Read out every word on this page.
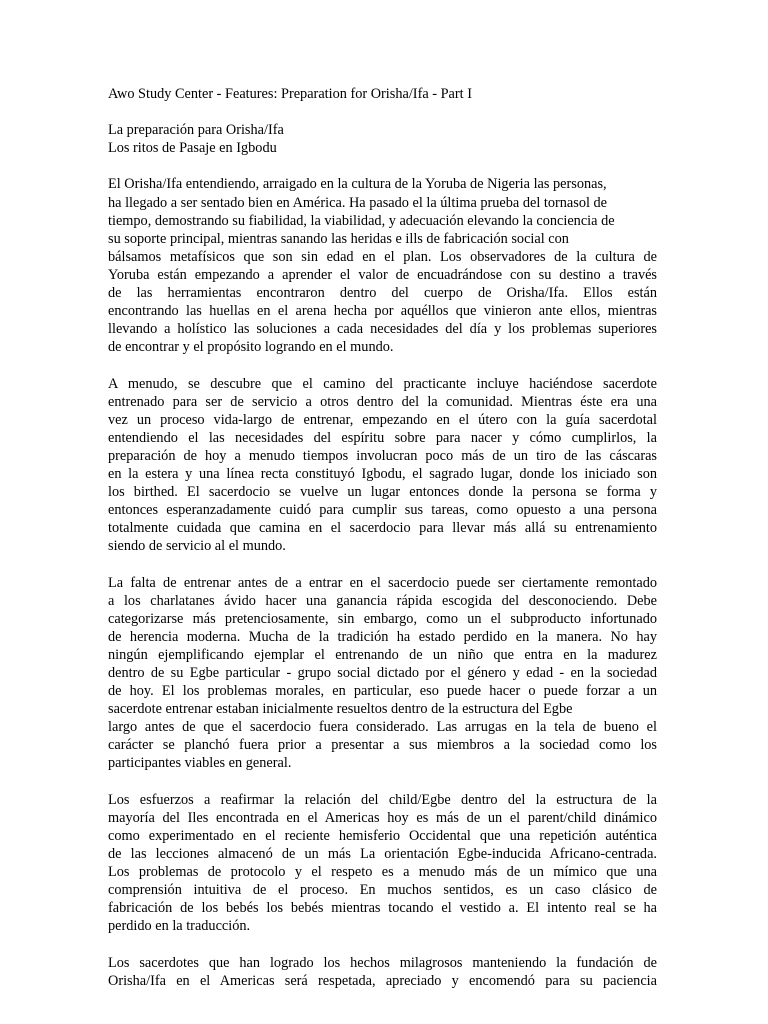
Awo Study Center - Features: Preparation for Orisha/Ifa - Part I

La preparación para Orisha/Ifa
Los ritos de Pasaje en Igbodu
El Orisha/Ifa entendiendo, arraigado en la cultura de la Yoruba de Nigeria las personas,
ha llegado a ser sentado bien en América. Ha pasado el la última prueba del tornasol de
tiempo, demostrando su fiabilidad, la viabilidad, y adecuación elevando la conciencia de
su soporte principal, mientras sanando las heridas e ills de fabricación social con
bálsamos metafísicos que son sin edad en el plan. Los observadores de la cultura de
Yoruba están empezando a aprender el valor de encuadrándose con su destino a través
de las herramientas encontraron dentro del cuerpo de Orisha/Ifa. Ellos están
encontrando las huellas en el arena hecha por aquéllos que vinieron ante ellos, mientras
llevando a holístico las soluciones a cada necesidades del día y los problemas superiores
de encontrar y el propósito logrando en el mundo.
A menudo, se descubre que el camino del practicante incluye haciéndose sacerdote
entrenado para ser de servicio a otros dentro del la comunidad. Mientras éste era una
vez un proceso vida-largo de entrenar, empezando en el útero con la guía sacerdotal
entendiendo el las necesidades del espíritu sobre para nacer y cómo cumplirlos, la
preparación de hoy a menudo tiempos involucran poco más de un tiro de las cáscaras
en la estera y una línea recta constituyó Igbodu, el sagrado lugar, donde los iniciado son
los birthed. El sacerdocio se vuelve un lugar entonces donde la persona se forma y
entonces esperanzadamente cuidó para cumplir sus tareas, como opuesto a una persona
totalmente cuidada que camina en el sacerdocio para llevar más allá su entrenamiento
siendo de servicio al el mundo.
La falta de entrenar antes de a entrar en el sacerdocio puede ser ciertamente remontado
a los charlatanes ávido hacer una ganancia rápida escogida del desconociendo. Debe
categorizarse más pretenciosamente, sin embargo, como un el subproducto infortunado
de herencia moderna. Mucha de la tradición ha estado perdido en la manera. No hay
ningún ejemplificando ejemplar el entrenando de un niño que entra en la madurez
dentro de su Egbe particular - grupo social dictado por el género y edad - en la sociedad
de hoy. El los problemas morales, en particular, eso puede hacer o puede forzar a un
sacerdote entrenar estaban inicialmente resueltos dentro de la estructura del Egbe
largo antes de que el sacerdocio fuera considerado. Las arrugas en la tela de bueno el
carácter se planchó fuera prior a presentar a sus miembros a la sociedad como los
participantes viables en general.
Los esfuerzos a reafirmar la relación del child/Egbe dentro del la estructura de la
mayoría del Iles encontrada en el Americas hoy es más de un el parent/child dinámico
como experimentado en el reciente hemisferio Occidental que una repetición auténtica
de las lecciones almacenó de un más La orientación Egbe-inducida Africano-centrada.
Los problemas de protocolo y el respeto es a menudo más de un mímico que una
comprensión intuitiva de el proceso. En muchos sentidos, es un caso clásico de
fabricación de los bebés los bebés mientras tocando el vestido a. El intento real se ha
perdido en la traducción.
Los sacerdotes que han logrado los hechos milagrosos manteniendo la fundación de
Orisha/Ifa en el Americas será respetada, apreciado y encomendó para su paciencia
